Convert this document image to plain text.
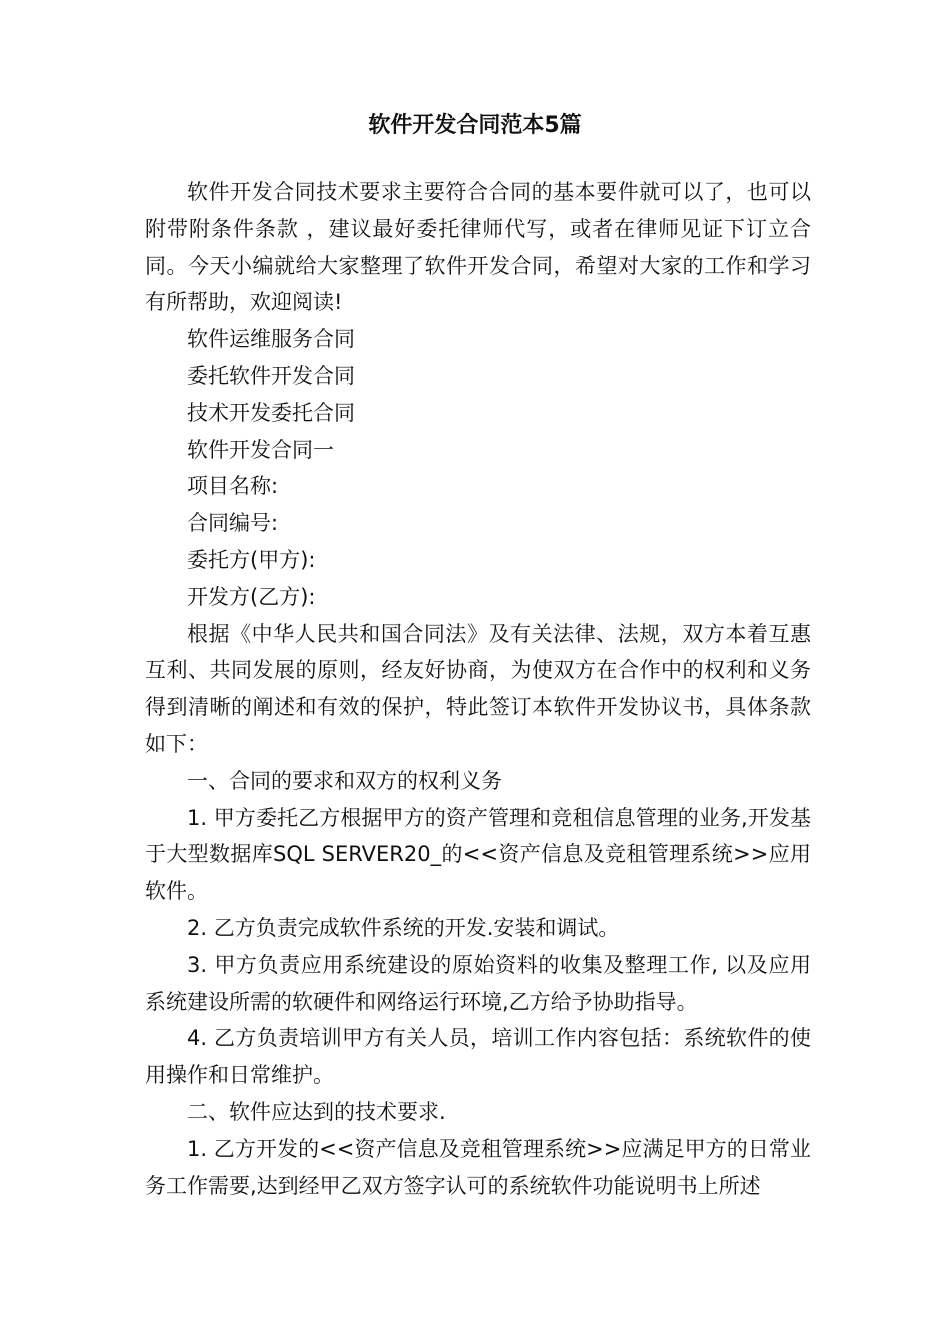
软件开发合同范本5篇

软件开发合同技术要求主要符合合同的基本要件就可以了，也可以附带附条件条款 ，建议最好委托律师代写，或者在律师见证下订立合同。今天小编就给大家整理了软件开发合同，希望对大家的工作和学习有所帮助，欢迎阅读!

软件运维服务合同

委托软件开发合同

技术开发委托合同

软件开发合同一

项目名称:

合同编号:

委托方(甲方):

开发方(乙方):

根据《中华人民共和国合同法》及有关法律、法规，双方本着互惠互利、共同发展的原则，经友好协商，为使双方在合作中的权利和义务得到清晰的阐述和有效的保护，特此签订本软件开发协议书，具体条款如下：

一、合同的要求和双方的权利义务

1. 甲方委托乙方根据甲方的资产管理和竞租信息管理的业务,开发基于大型数据库SQL SERVER20_的<<资产信息及竞租管理系统>>应用软件。

2. 乙方负责完成软件系统的开发.安装和调试。

3. 甲方负责应用系统建设的原始资料的收集及整理工作, 以及应用系统建设所需的软硬件和网络运行环境,乙方给予协助指导。

4. 乙方负责培训甲方有关人员，培训工作内容包括：系统软件的使用操作和日常维护。

二、软件应达到的技术要求.

1. 乙方开发的<<资产信息及竞租管理系统>>应满足甲方的日常业务工作需要,达到经甲乙双方签字认可的系统软件功能说明书上所述
